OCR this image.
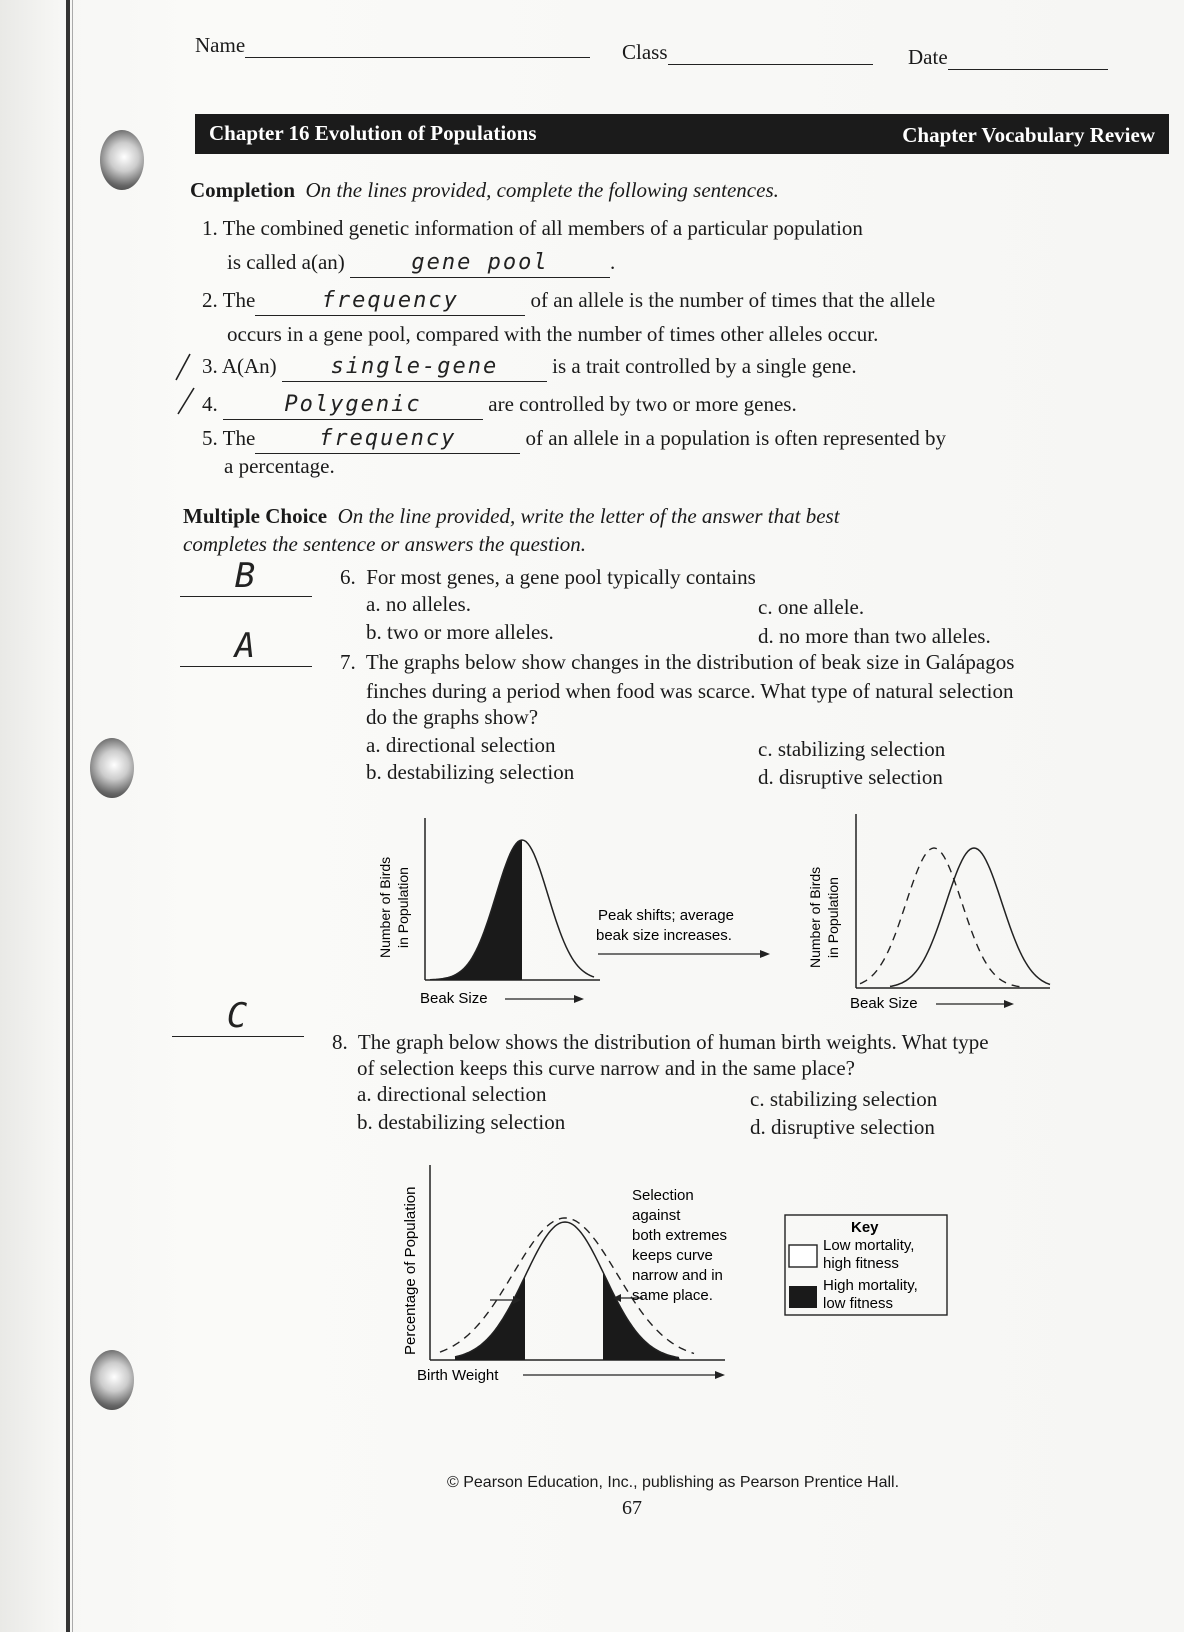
Name	Class	Date
Chapter 16 Evolution of Populations	Chapter Vocabulary Review
Completion On the lines provided, complete the following sentences.
1. The combined genetic information of all members of a particular population
is called a(an)	gene pool	.
2. The	frequency	of an allele is the number of times that the allele
occurs in a gene pool, compared with the number of times other alleles occur.
3. A(An) single-gene	is a trait controlled by a single gene.
4.	Polygenic	are controlled by two or more genes.
5. The	frequency	of an allele in a population is often represented by
a percentage.
Multiple Choice On the line provided, write the letter of the answer that best
completes the sentence or answers the question.
B	6. For most genes, a gene pool typically contains
a. no alleles.
b. two or more alleles.
c. one allele.
d. no more than two alleles.
A	7. The graphs below show changes in the distribution of beak size in Galápagos
finches during a period when food was scarce. What type of natural selection
do the graphs show?
a. directional selection
b. destabilizing selection
c. stabilizing selection
d. disruptive selection
Number of Birds in Population
Beak Size
Peak shifts; average
beak size increases.	Number of Birds in Population
Beak Size
C
8. The graph below shows the distribution of human birth weights. What type
of selection keeps this curve narrow and in the same place?
a. directional selection
b. destabilizing selection
c. stabilizing selection
d. disruptive selection
Percentage of Population
Birth Weight
Selection
against
both extremes
keeps curve
narrow and in
same place.
Key
Low mortality,
high fitness
High mortality,
low fitness
© Pearson Education, Inc., publishing as Pearson Prentice Hall.
67
